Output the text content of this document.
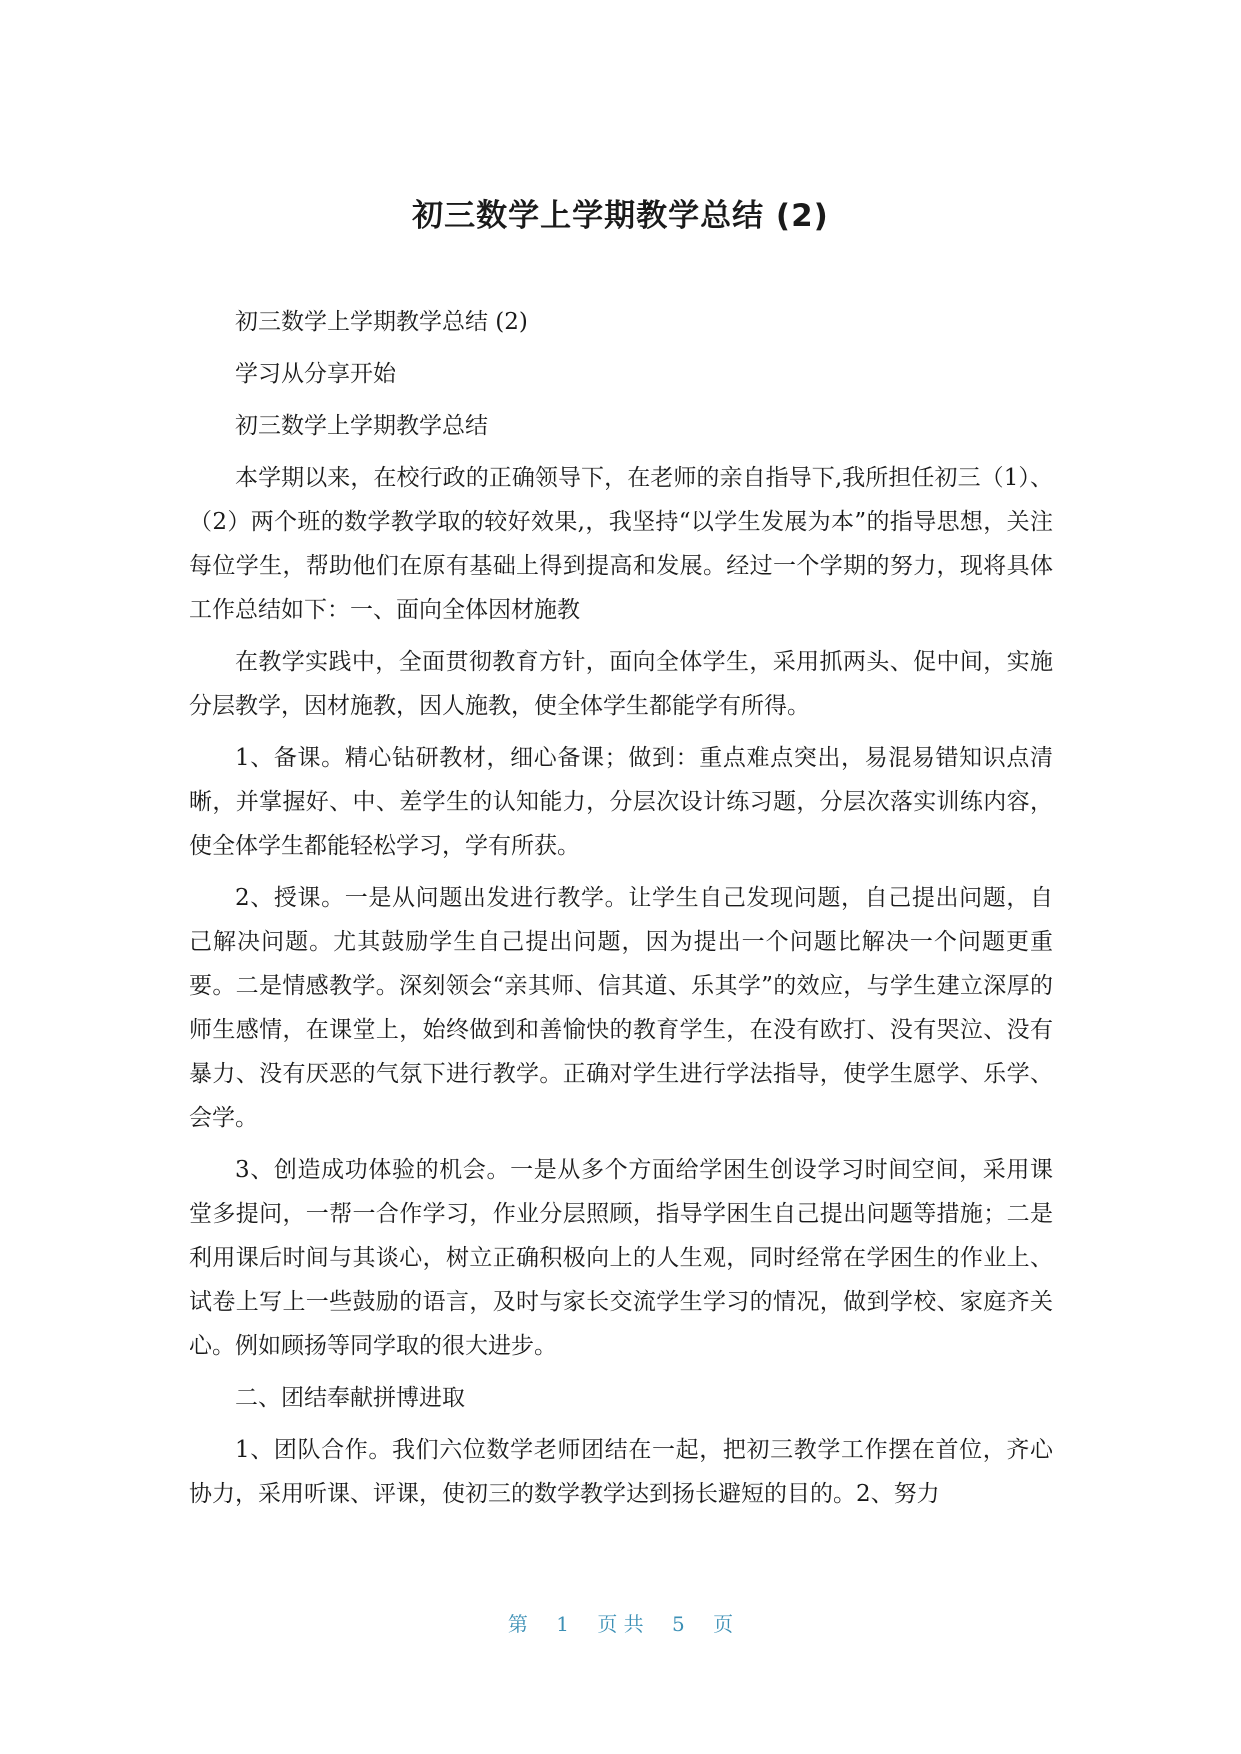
初三数学上学期教学总结 (2)

初三数学上学期教学总结 (2)

学习从分享开始

初三数学上学期教学总结

本学期以来，在校行政的正确领导下，在老师的亲自指导下,我所担任初三（1）、（2）两个班的数学教学取的较好效果,，我坚持“以学生发展为本”的指导思想，关注每位学生，帮助他们在原有基础上得到提高和发展。经过一个学期的努力，现将具体工作总结如下：一、面向全体因材施教

在教学实践中，全面贯彻教育方针，面向全体学生，采用抓两头、促中间，实施分层教学，因材施教，因人施教，使全体学生都能学有所得。

1、备课。精心钻研教材，细心备课；做到：重点难点突出，易混易错知识点清晰，并掌握好、中、差学生的认知能力，分层次设计练习题，分层次落实训练内容，使全体学生都能轻松学习，学有所获。

2、授课。一是从问题出发进行教学。让学生自己发现问题，自己提出问题，自己解决问题。尤其鼓励学生自己提出问题，因为提出一个问题比解决一个问题更重要。二是情感教学。深刻领会“亲其师、信其道、乐其学”的效应，与学生建立深厚的师生感情，在课堂上，始终做到和善愉快的教育学生，在没有欧打、没有哭泣、没有暴力、没有厌恶的气氛下进行教学。正确对学生进行学法指导，使学生愿学、乐学、会学。

3、创造成功体验的机会。一是从多个方面给学困生创设学习时间空间，采用课堂多提问，一帮一合作学习，作业分层照顾，指导学困生自己提出问题等措施；二是利用课后时间与其谈心，树立正确积极向上的人生观，同时经常在学困生的作业上、试卷上写上一些鼓励的语言，及时与家长交流学生学习的情况，做到学校、家庭齐关心。例如顾扬等同学取的很大进步。

二、团结奉献拼博进取

1、团队合作。我们六位数学老师团结在一起，把初三教学工作摆在首位，齐心协力，采用听课、评课，使初三的数学教学达到扬长避短的目的。2、努力

第 1 页 共 5 页
